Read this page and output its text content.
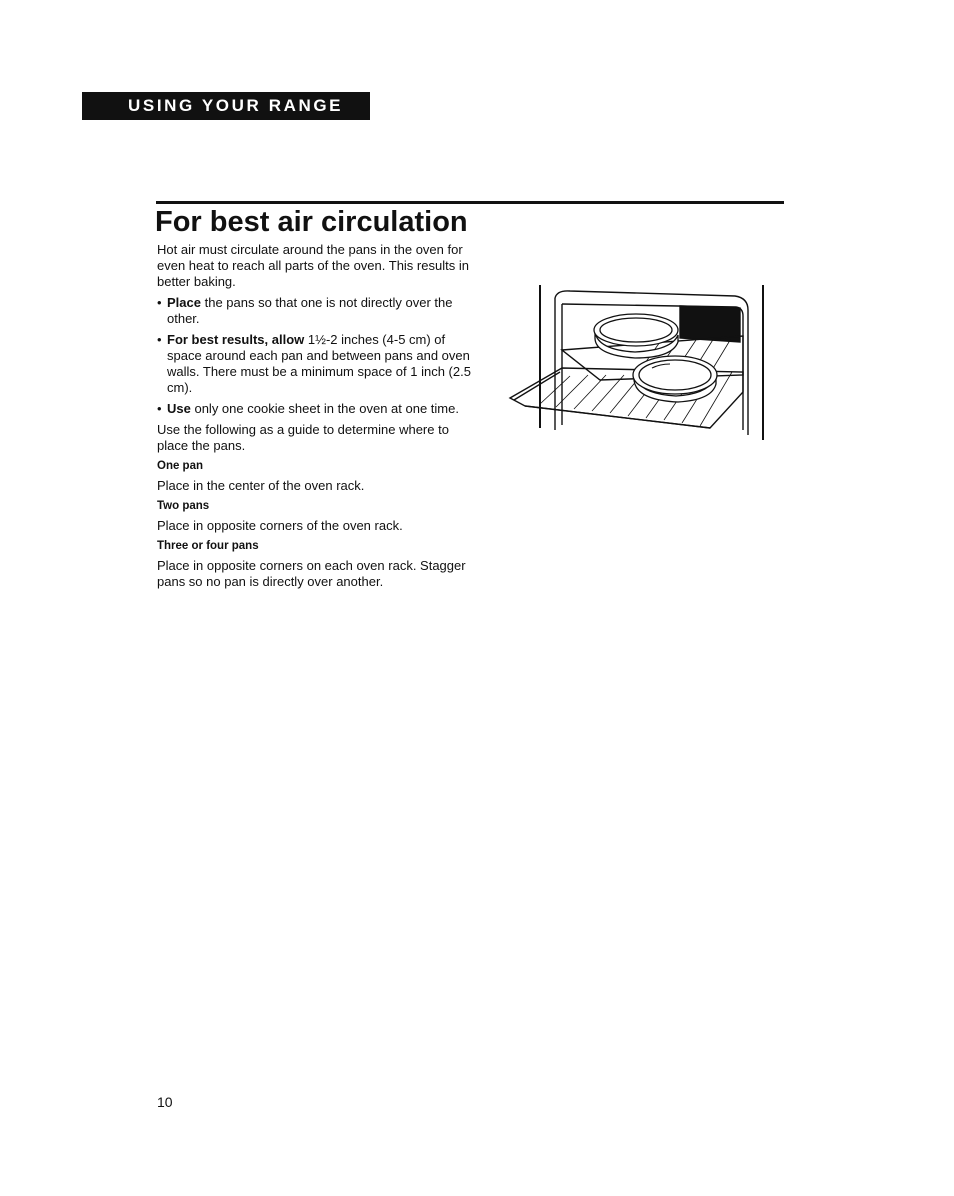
USING YOUR RANGE
For best air circulation

Hot air must circulate around the pans in the oven for even heat to reach all parts of the oven. This results in better baking.

• Place the pans so that one is not directly over the other.
• For best results, allow 1½-2 inches (4-5 cm) of space around each pan and between pans and oven walls. There must be a minimum space of 1 inch (2.5 cm).
• Use only one cookie sheet in the oven at one time.

Use the following as a guide to determine where to place the pans.

One pan

Place in the center of the oven rack.

Two pans

Place in opposite corners of the oven rack.

Three or four pans

Place in opposite corners on each oven rack. Stagger pans so no pan is directly over another.

10
